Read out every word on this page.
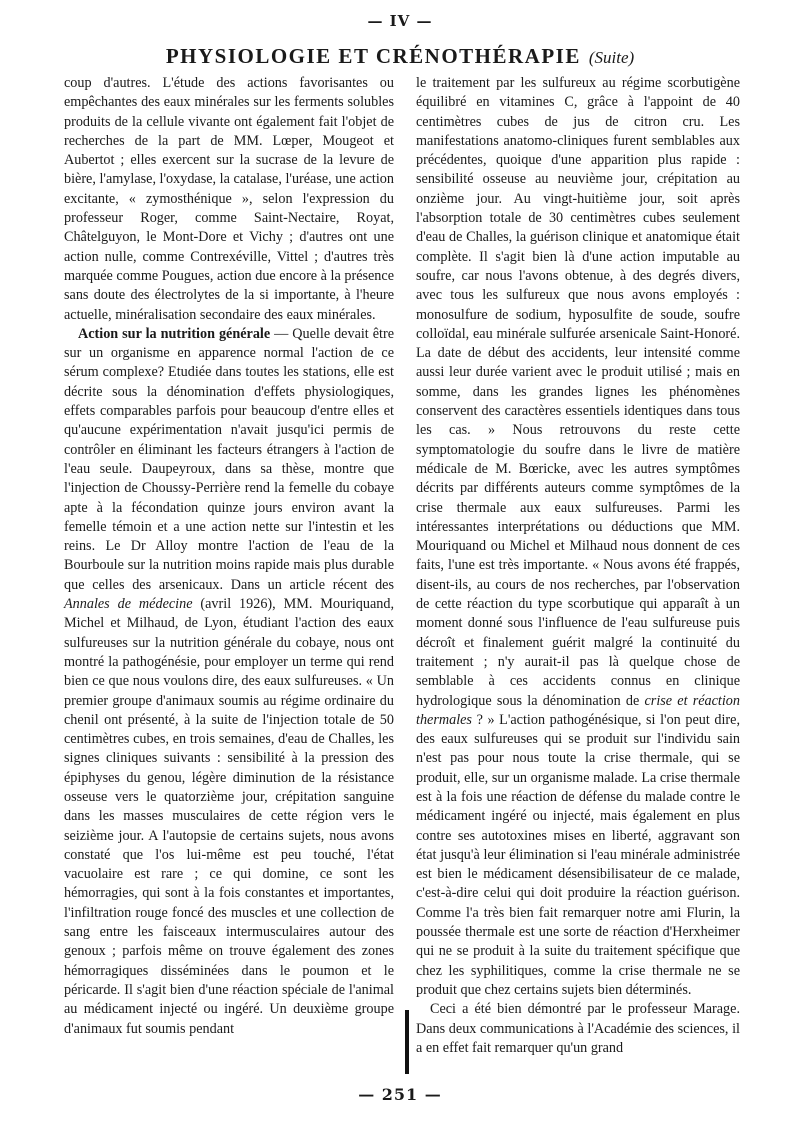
— IV —
PHYSIOLOGIE ET CRÉNOTHÉRAPIE (Suite)

coup d'autres. L'étude des actions favorisantes ou empêchantes des eaux minérales sur les ferments solubles produits de la cellule vivante ont également fait l'objet de recherches de la part de MM. Lœper, Mougeot et Aubertot ; elles exercent sur la sucrase de la levure de bière, l'amylase, l'oxydase, la catalase, l'uréase, une action excitante, « zymosthénique », selon l'expression du professeur Roger, comme Saint-Nectaire, Royat, Châtelguyon, le Mont-Dore et Vichy ; d'autres ont une action nulle, comme Contrexéville, Vittel ; d'autres très marquée comme Pougues, action due encore à la présence sans doute des électrolytes de la si importante, à l'heure actuelle, minéralisation secondaire des eaux minérales.

Action sur la nutrition générale — Quelle devait être sur un organisme en apparence normal l'action de ce sérum complexe? Etudiée dans toutes les stations, elle est décrite sous la dénomination d'effets physiologiques, effets comparables parfois pour beaucoup d'entre elles et qu'aucune expérimentation n'avait jusqu'ici permis de contrôler en éliminant les facteurs étrangers à l'action de l'eau seule. Daupeyroux, dans sa thèse, montre que l'injection de Choussy-Perrière rend la femelle du cobaye apte à la fécondation quinze jours environ avant la femelle témoin et a une action nette sur l'intestin et les reins. Le Dr Alloy montre l'action de l'eau de la Bourboule sur la nutrition moins rapide mais plus durable que celles des arsenicaux. Dans un article récent des Annales de médecine (avril 1926), MM. Mouriquand, Michel et Milhaud, de Lyon, étudiant l'action des eaux sulfureuses sur la nutrition générale du cobaye, nous ont montré la pathogénésie, pour employer un terme qui rend bien ce que nous voulons dire, des eaux sulfureuses. « Un premier groupe d'animaux soumis au régime ordinaire du chenil ont présenté, à la suite de l'injection totale de 50 centimètres cubes, en trois semaines, d'eau de Challes, les signes cliniques suivants : sensibilité à la pression des épiphyses du genou, légère diminution de la résistance osseuse vers le quatorzième jour, crépitation sanguine dans les masses musculaires de cette région vers le seizième jour. A l'autopsie de certains sujets, nous avons constaté que l'os lui-même est peu touché, l'état vacuolaire est rare ; ce qui domine, ce sont les hémorragies, qui sont à la fois constantes et importantes, l'infiltration rouge foncé des muscles et une collection de sang entre les faisceaux intermusculaires autour des genoux ; parfois même on trouve également des zones hémorragiques disséminées dans le poumon et le péricarde. Il s'agit bien d'une réaction spéciale de l'animal au médicament injecté ou ingéré. Un deuxième groupe d'animaux fut soumis pendant

le traitement par les sulfureux au régime scorbutigène équilibré en vitamines C, grâce à l'appoint de 40 centimètres cubes de jus de citron cru. Les manifestations anatomo-cliniques furent semblables aux précédentes, quoique d'une apparition plus rapide : sensibilité osseuse au neuvième jour, crépitation au onzième jour. Au vingt-huitième jour, soit après l'absorption totale de 30 centimètres cubes seulement d'eau de Challes, la guérison clinique et anatomique était complète. Il s'agit bien là d'une action imputable au soufre, car nous l'avons obtenue, à des degrés divers, avec tous les sulfureux que nous avons employés : monosulfure de sodium, hyposulfite de soude, soufre colloïdal, eau minérale sulfurée arsenicale Saint-Honoré. La date de début des accidents, leur intensité comme aussi leur durée varient avec le produit utilisé ; mais en somme, dans les grandes lignes les phénomènes conservent des caractères essentiels identiques dans tous les cas. » Nous retrouvons du reste cette symptomatologie du soufre dans le livre de matière médicale de M. Bœricke, avec les autres symptômes décrits par différents auteurs comme symptômes de la crise thermale aux eaux sulfureuses. Parmi les intéressantes interprétations ou déductions que MM. Mouriquand ou Michel et Milhaud nous donnent de ces faits, l'une est très importante. « Nous avons été frappés, disent-ils, au cours de nos recherches, par l'observation de cette réaction du type scorbutique qui apparaît à un moment donné sous l'influence de l'eau sulfureuse puis décroît et finalement guérit malgré la continuité du traitement ; n'y aurait-il pas là quelque chose de semblable à ces accidents connus en clinique hydrologique sous la dénomination de crise et réaction thermales ? » L'action pathogénésique, si l'on peut dire, des eaux sulfureuses qui se produit sur l'individu sain n'est pas pour nous toute la crise thermale, qui se produit, elle, sur un organisme malade. La crise thermale est à la fois une réaction de défense du malade contre le médicament ingéré ou injecté, mais également en plus contre ses autotoxines mises en liberté, aggravant son état jusqu'à leur élimination si l'eau minérale administrée est bien le médicament désensibilisateur de ce malade, c'est-à-dire celui qui doit produire la réaction guérison. Comme l'a très bien fait remarquer notre ami Flurin, la poussée thermale est une sorte de réaction d'Herxheimer qui ne se produit à la suite du traitement spécifique que chez les syphilitiques, comme la crise thermale ne se produit que chez certains sujets bien déterminés.

Ceci a été bien démontré par le professeur Marage. Dans deux communications à l'Académie des sciences, il a en effet fait remarquer qu'un grand

— 251 —
